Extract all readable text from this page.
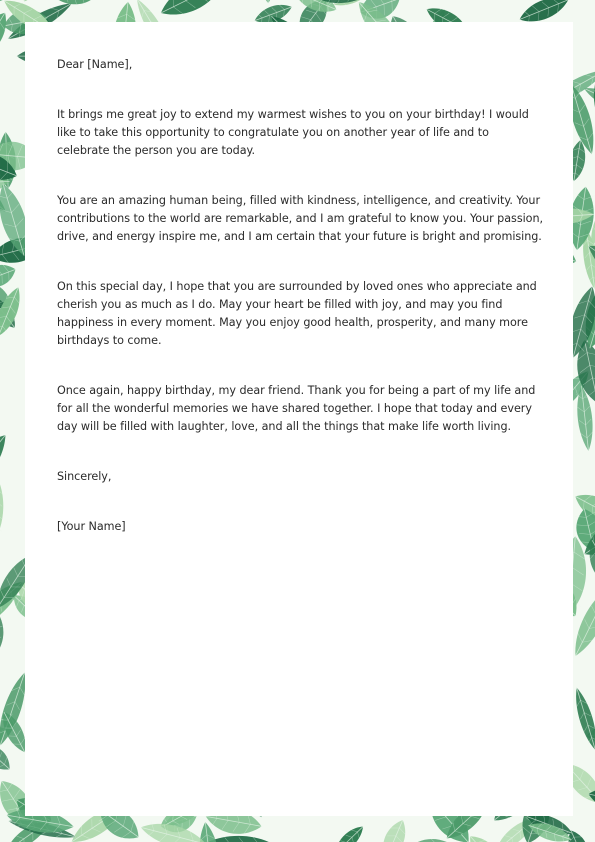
Dear [Name],

It brings me great joy to extend my warmest wishes to you on your birthday! I would like to take this opportunity to congratulate you on another year of life and to celebrate the person you are today.

You are an amazing human being, filled with kindness, intelligence, and creativity. Your contributions to the world are remarkable, and I am grateful to know you. Your passion, drive, and energy inspire me, and I am certain that your future is bright and promising.

On this special day, I hope that you are surrounded by loved ones who appreciate and cherish you as much as I do. May your heart be filled with joy, and may you find happiness in every moment. May you enjoy good health, prosperity, and many more birthdays to come.

Once again, happy birthday, my dear friend. Thank you for being a part of my life and for all the wonderful memories we have shared together. I hope that today and every day will be filled with laughter, love, and all the things that make life worth living.

Sincerely,

[Your Name]
